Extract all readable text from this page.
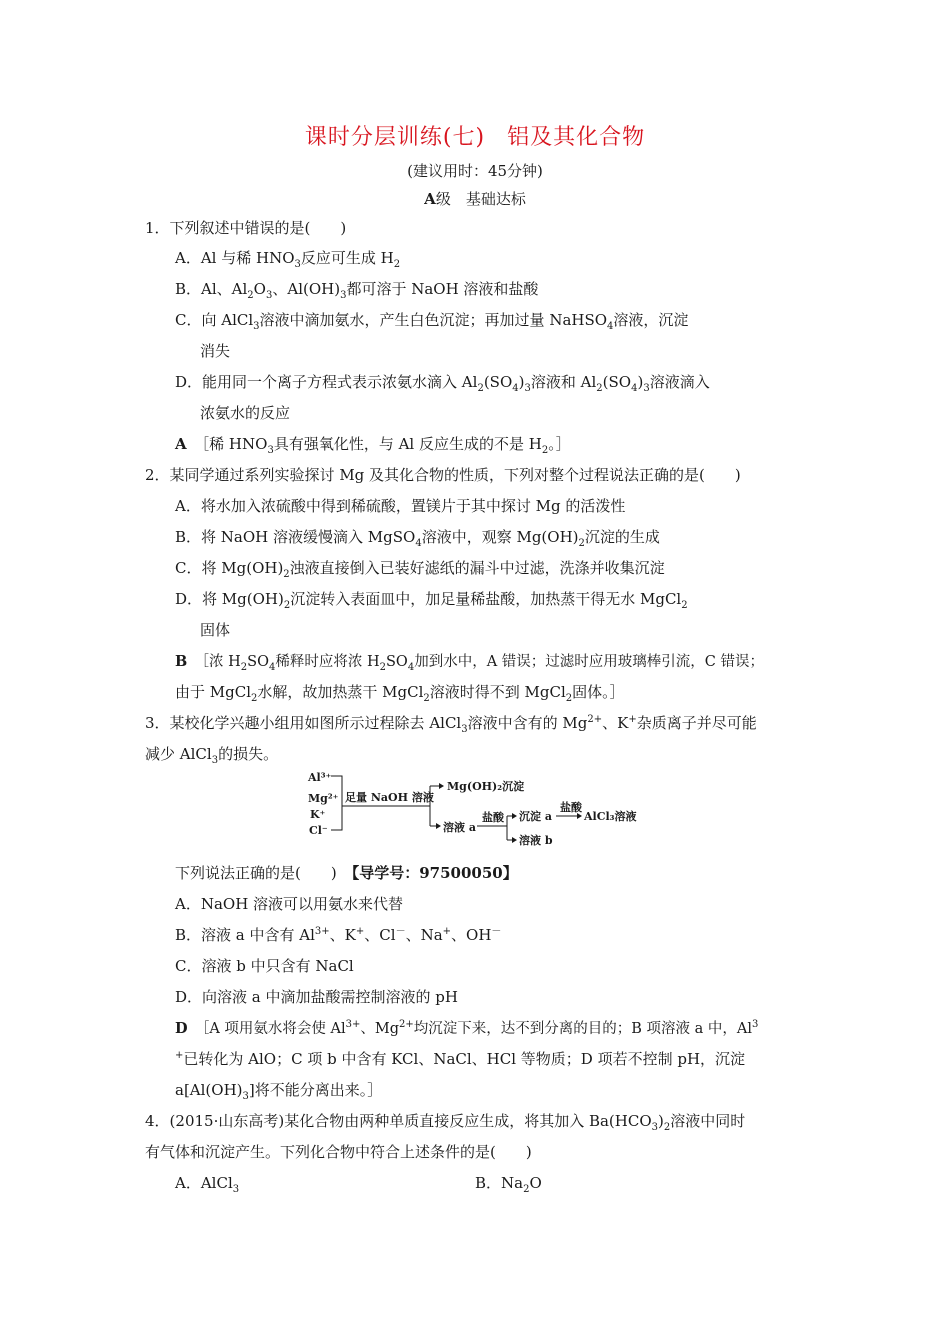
课时分层训练(七) 铝及其化合物
(建议用时：45分钟)
A级　基础达标
1．下列叙述中错误的是(　　)
A．Al 与稀 $HNO_3$反应可生成 $H_2$
B．Al、$Al_2O_3$、$Al(OH)_3$都可溶于 NaOH 溶液和盐酸
C．向 AlCl$_3$溶液中滴加氨水，产生白色沉淀；再加过量 NaHSO$_4$溶液，沉淀
消失
D．能用同一个离子方程式表示浓氨水滴入 $Al_2(SO_4)_3$溶液和 $Al_2(SO_4)_3$溶液滴入
浓氨水的反应
A　 ［稀 $HNO_3$具有强氧化性，与 Al 反应生成的不是 $H_2$。］
2．某同学通过系列实验探讨 Mg 及其化合物的性质，下列对整个过程说法正确的是(　　)
A．将水加入浓硫酸中得到稀硫酸，置镁片于其中探讨 Mg 的活泼性
B．将 NaOH 溶液缓慢滴入 MgSO$_4$溶液中，观察 $Mg(OH)_2$沉淀的生成
C．将 $Mg(OH)_2$浊液直接倒入已装好滤纸的漏斗中过滤，洗涤并收集沉淀
D．将 $Mg(OH)_2$沉淀转入表面皿中，加足量稀盐酸，加热蒸干得无水 MgCl$_2$
固体
B　 ［浓 $H_2SO_4$稀释时应将浓 $H_2SO_4$加到水中，A 错误；过滤时应用玻璃棒引流，C 错误；
由于 MgCl$_2$水解，故加热蒸干 MgCl$_2$溶液时得不到 MgCl$_2$固体。］
3．某校化学兴趣小组用如图所示过程除去 AlCl$_3$溶液中含有的 $Mg^{2+}$、K+杂质离子并尽可能
减少 AlCl$_3$的损失。
Al³⁺
Mg²⁺
K⁺
Cl⁻
足量 NaOH 溶液
Mg(OH)₂沉淀
溶液 a
盐酸 沉淀 a
盐酸
AlCl₃溶液
溶液 b
下列说法正确的是(　　)　 【导学号：97500050】
A．NaOH 溶液可以用氨水来代替
B．溶液 a 中含有 $Al^{3+}$、K+、Cl－、Na+、OH－
C．溶液 b 中只含有 NaCl
D．向溶液 a 中滴加盐酸需控制溶液的 pH
D　 ［A 项用氨水将会使 $Al^{3+}$、$Mg^{2+}$均沉淀下来，达不到分离的目的；B 项溶液 a 中，Al$^3$
+已转化为 AlO；C 项 b 中含有 KCl、NaCl、HCl 等物质；D 项若不控制 pH，沉淀
$a[Al(OH)_3]$将不能分离出来。］
4．(2015·山东高考)某化合物由两种单质直接反应生成，将其加入 $Ba(HCO_3)_2$溶液中同时
有气体和沉淀产生。下列化合物中符合上述条件的是(　　)
A．AlCl$_3$	B．$Na_2O$
